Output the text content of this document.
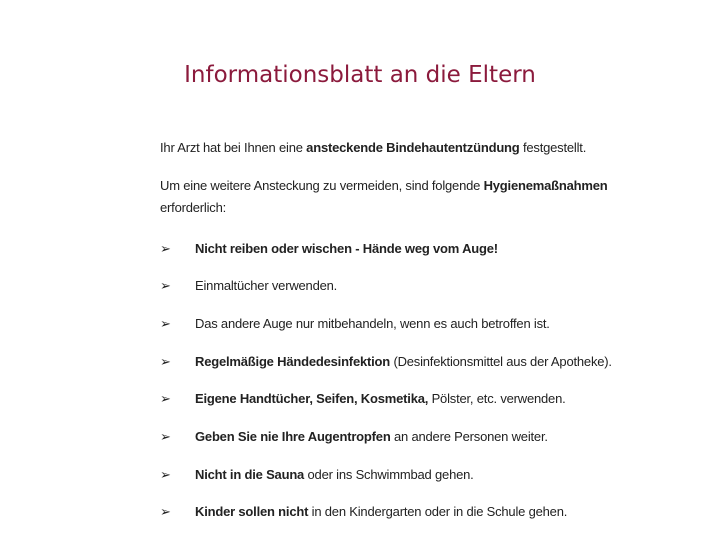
Informationsblatt an die Eltern
Ihr Arzt hat bei Ihnen eine ansteckende Bindehautentzündung festgestellt.
Um eine weitere Ansteckung zu vermeiden, sind folgende Hygienemaßnahmen
erforderlich:
➢ Nicht reiben oder wischen - Hände weg vom Auge!
➢ Einmaltücher verwenden.
➢ Das andere Auge nur mitbehandeln, wenn es auch betroffen ist.
➢ Regelmäßige Händedesinfektion (Desinfektionsmittel aus der Apotheke).
➢ Eigene Handtücher, Seifen, Kosmetika, Pölster, etc. verwenden.
➢ Geben Sie nie Ihre Augentropfen an andere Personen weiter.
➢ Nicht in die Sauna oder ins Schwimmbad gehen.
➢ Kinder sollen nicht in den Kindergarten oder in die Schule gehen.
